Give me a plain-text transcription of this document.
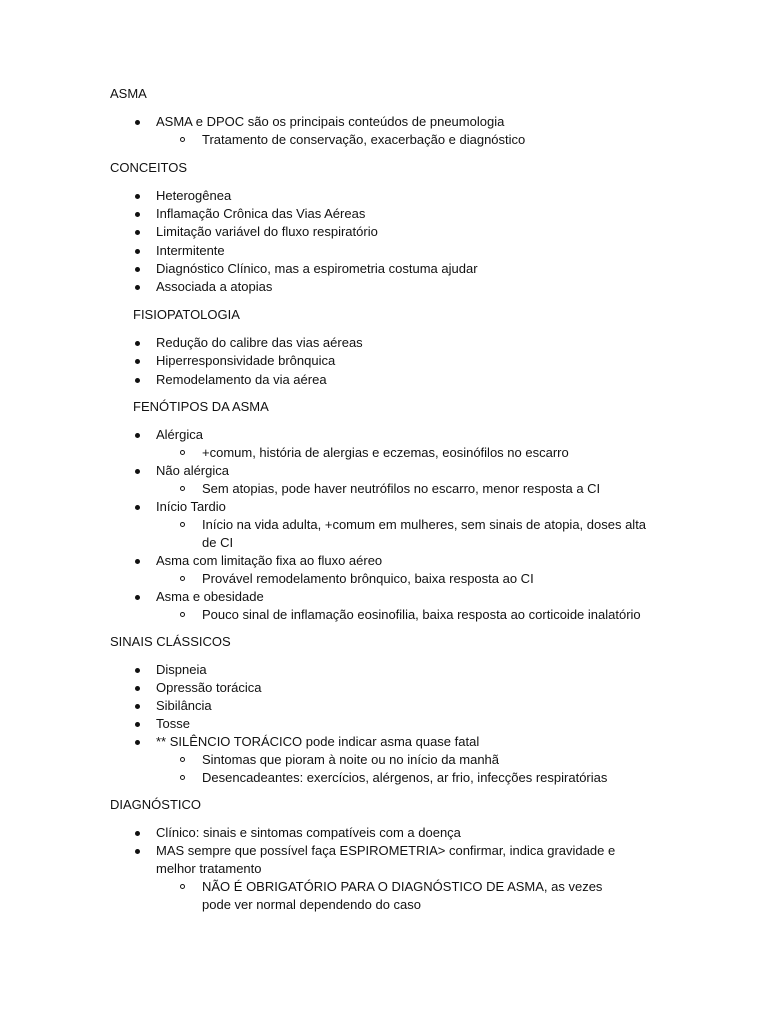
ASMA
ASMA e DPOC são os principais conteúdos de pneumologia
Tratamento de conservação, exacerbação e diagnóstico
CONCEITOS
Heterogênea
Inflamação Crônica das Vias Aéreas
Limitação variável do fluxo respiratório
Intermitente
Diagnóstico Clínico, mas a espirometria costuma ajudar
Associada a atopias
FISIOPATOLOGIA
Redução do calibre das vias aéreas
Hiperresponsividade brônquica
Remodelamento da via aérea
FENÓTIPOS DA ASMA
Alérgica
+comum, história de alergias e eczemas, eosinófilos no escarro
Não alérgica
Sem atopias, pode haver neutrófilos no escarro, menor resposta a CI
Início Tardio
Início na vida adulta, +comum em mulheres, sem sinais de atopia, doses alta de CI
Asma com limitação fixa ao fluxo aéreo
Provável remodelamento brônquico, baixa resposta ao CI
Asma e obesidade
Pouco sinal de inflamação eosinofilia, baixa resposta ao corticoide inalatório
SINAIS CLÁSSICOS
Dispneia
Opressão torácica
Sibilância
Tosse
** SILÊNCIO TORÁCICO pode indicar asma quase fatal
Sintomas que pioram à noite ou no início da manhã
Desencadeantes: exercícios, alérgenos, ar frio, infecções respiratórias
DIAGNÓSTICO
Clínico: sinais e sintomas compatíveis com a doença
MAS sempre que possível faça ESPIROMETRIA> confirmar, indica gravidade e melhor tratamento
NÃO É OBRIGATÓRIO PARA O DIAGNÓSTICO DE ASMA, as vezes pode ver normal dependendo do caso
